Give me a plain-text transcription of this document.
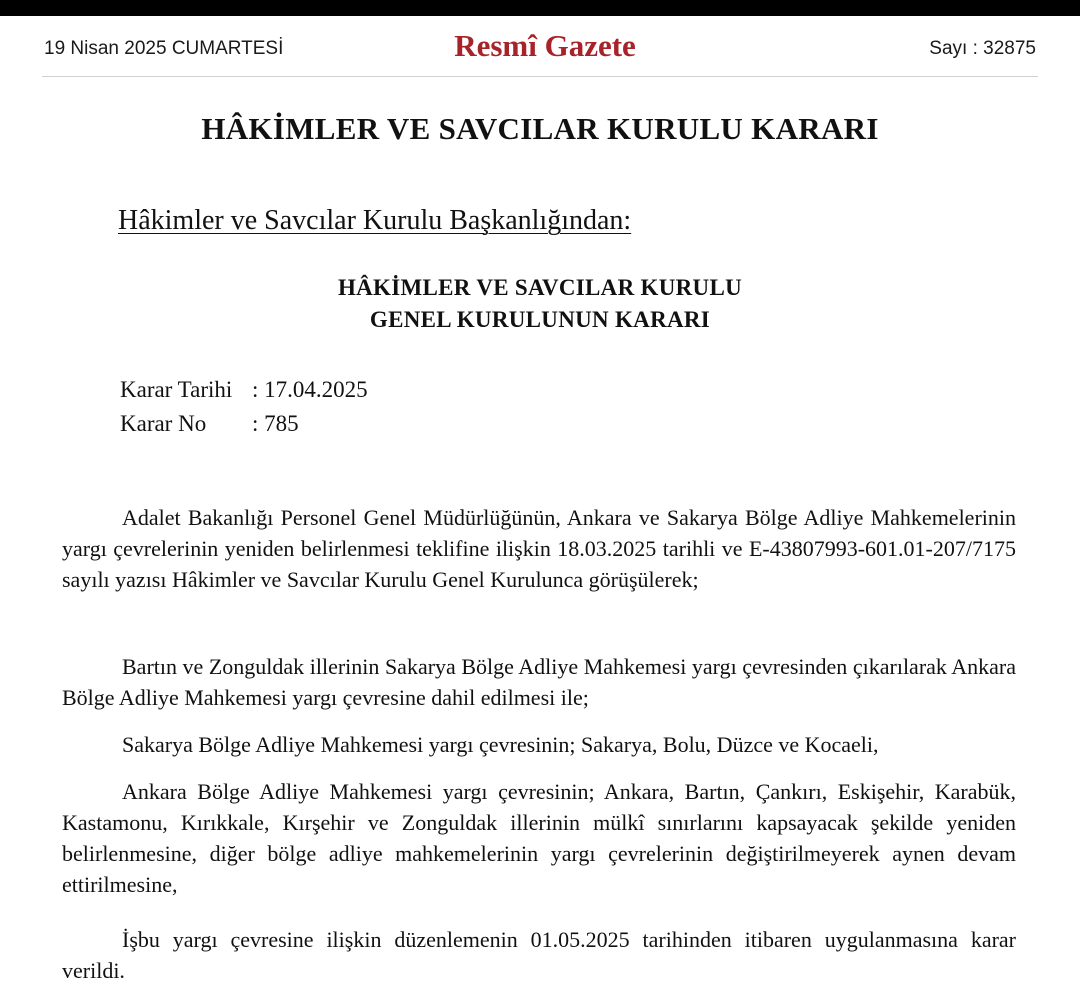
19 Nisan 2025 CUMARTESİ	Resmî Gazete	Sayı : 32875
HÂKİMLER VE SAVCILAR KURULU KARARI
Hâkimler ve Savcılar Kurulu Başkanlığından:
HÂKİMLER VE SAVCILAR KURULU
GENEL KURULUNUN KARARI
Karar Tarihi : 17.04.2025
Karar No : 785

Adalet Bakanlığı Personel Genel Müdürlüğünün, Ankara ve Sakarya Bölge Adliye Mahkemelerinin yargı çevrelerinin yeniden belirlenmesi teklifine ilişkin 18.03.2025 tarihli ve E-43807993-601.01-207/7175 sayılı yazısı Hâkimler ve Savcılar Kurulu Genel Kurulunca görüşülerek;

Bartın ve Zonguldak illerinin Sakarya Bölge Adliye Mahkemesi yargı çevresinden çıkarılarak Ankara Bölge Adliye Mahkemesi yargı çevresine dahil edilmesi ile;

Sakarya Bölge Adliye Mahkemesi yargı çevresinin; Sakarya, Bolu, Düzce ve Kocaeli,

Ankara Bölge Adliye Mahkemesi yargı çevresinin; Ankara, Bartın, Çankırı, Eskişehir, Karabük, Kastamonu, Kırıkkale, Kırşehir ve Zonguldak illerinin mülkî sınırlarını kapsayacak şekilde yeniden belirlenmesine, diğer bölge adliye mahkemelerinin yargı çevrelerinin değiştirilmeyerek aynen devam ettirilmesine,

İşbu yargı çevresine ilişkin düzenlemenin 01.05.2025 tarihinden itibaren uygulanmasına karar verildi.
